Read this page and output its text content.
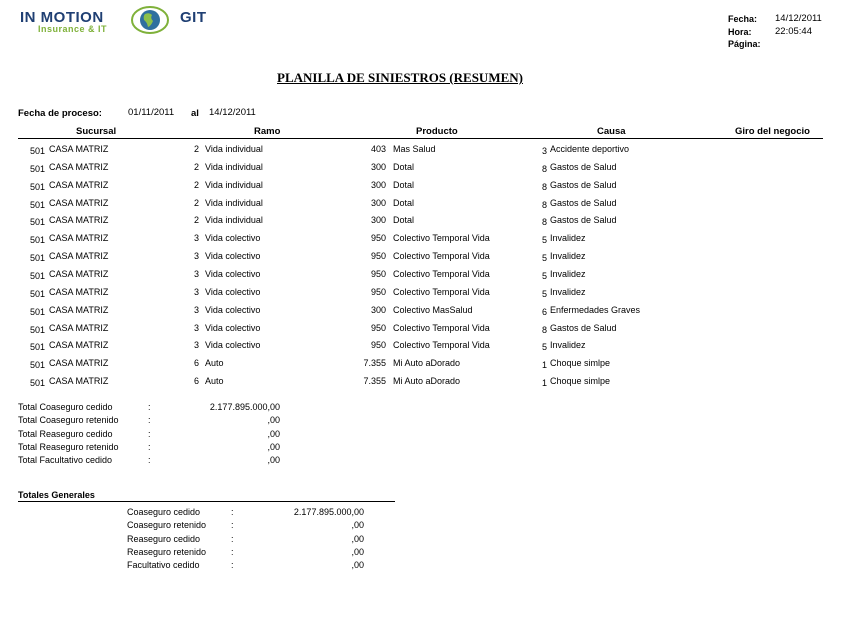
IN MOTION	GIT
Insurance & IT
Fecha: 14/12/2011
Hora: 22:05:44
Página:
PLANILLA DE SINIESTROS (RESUMEN)
Fecha de proceso:	01/11/2011 al 14/12/2011
Sucursal	Ramo	Producto	Causa	Giro del negocio
501 CASA MATRIZ	2 Vida individual	403 Mas Salud	3 Accidente deportivo
501 CASA MATRIZ	2 Vida individual	300 Dotal	8 Gastos de Salud
501 CASA MATRIZ	2 Vida individual	300 Dotal	8 Gastos de Salud
501 CASA MATRIZ	2 Vida individual	300 Dotal	8 Gastos de Salud
501 CASA MATRIZ	2 Vida individual	300 Dotal	8 Gastos de Salud
501 CASA MATRIZ	3 Vida colectivo	950 Colectivo Temporal Vida	5 Invalidez
501 CASA MATRIZ	3 Vida colectivo	950 Colectivo Temporal Vida	5 Invalidez
501 CASA MATRIZ	3 Vida colectivo	950 Colectivo Temporal Vida	5 Invalidez
501 CASA MATRIZ	3 Vida colectivo	950 Colectivo Temporal Vida	5 Invalidez
501 CASA MATRIZ	3 Vida colectivo	300 Colectivo MasSalud	6 Enfermedades Graves
501 CASA MATRIZ	3 Vida colectivo	950 Colectivo Temporal Vida	8 Gastos de Salud
501 CASA MATRIZ	3 Vida colectivo	950 Colectivo Temporal Vida	5 Invalidez
501 CASA MATRIZ	6 Auto	7.355 Mi Auto aDorado	1 Choque simlpe
501 CASA MATRIZ	6 Auto	7.355 Mi Auto aDorado	1 Choque simlpe
Total Coaseguro cedido	:	2.177.895.000,00
Total Coaseguro retenido	:	,00
Total Reaseguro cedido	:	,00
Total Reaseguro retenido	:	,00
Total Facultativo cedido	:	,00
Totales Generales
Coaseguro cedido	:	2.177.895.000,00
Coaseguro retenido	:	,00
Reaseguro cedido	:	,00
Reaseguro retenido	:	,00
Facultativo cedido	:	,00
